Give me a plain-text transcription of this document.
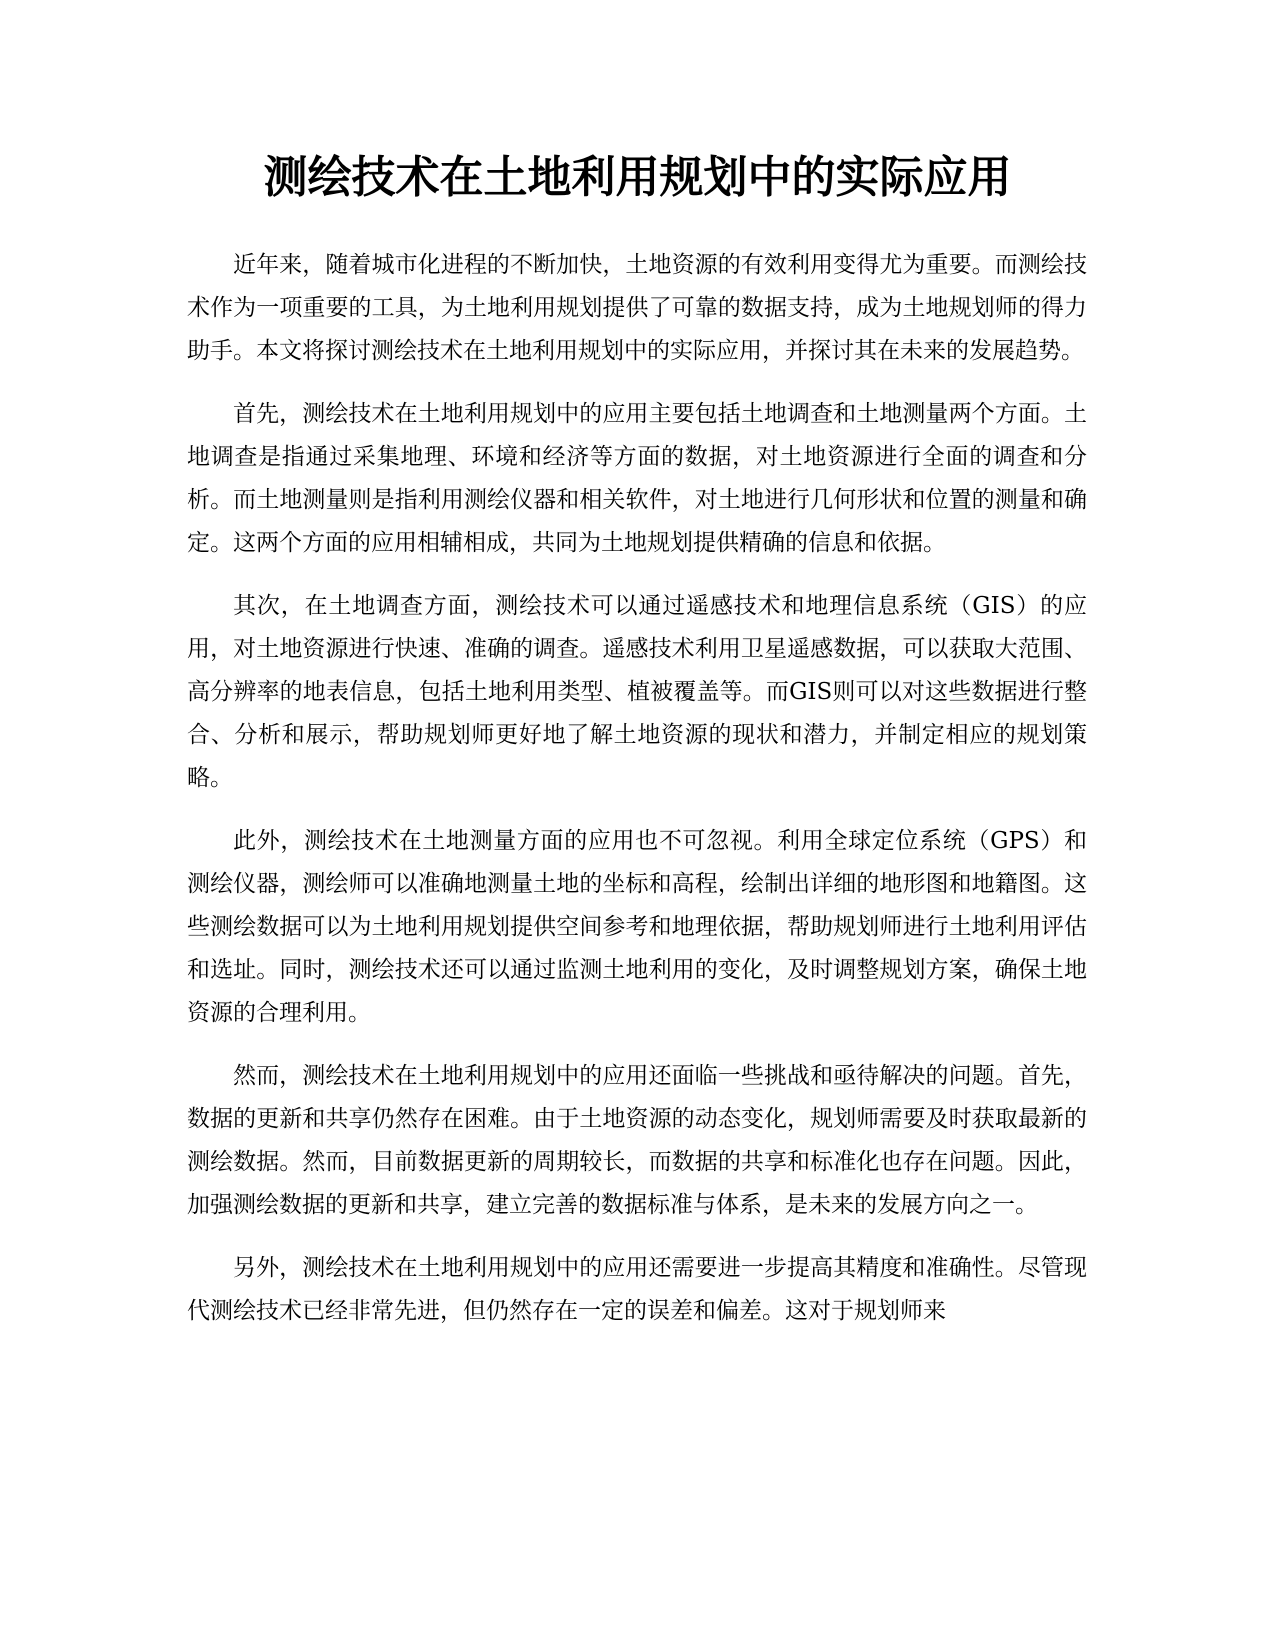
测绘技术在土地利用规划中的实际应用

近年来，随着城市化进程的不断加快，土地资源的有效利用变得尤为重要。而测绘技术作为一项重要的工具，为土地利用规划提供了可靠的数据支持，成为土地规划师的得力助手。本文将探讨测绘技术在土地利用规划中的实际应用，并探讨其在未来的发展趋势。

首先，测绘技术在土地利用规划中的应用主要包括土地调查和土地测量两个方面。土地调查是指通过采集地理、环境和经济等方面的数据，对土地资源进行全面的调查和分析。而土地测量则是指利用测绘仪器和相关软件，对土地进行几何形状和位置的测量和确定。这两个方面的应用相辅相成，共同为土地规划提供精确的信息和依据。

其次，在土地调查方面，测绘技术可以通过遥感技术和地理信息系统（GIS）的应用，对土地资源进行快速、准确的调查。遥感技术利用卫星遥感数据，可以获取大范围、高分辨率的地表信息，包括土地利用类型、植被覆盖等。而GIS则可以对这些数据进行整合、分析和展示，帮助规划师更好地了解土地资源的现状和潜力，并制定相应的规划策略。

此外，测绘技术在土地测量方面的应用也不可忽视。利用全球定位系统（GPS）和测绘仪器，测绘师可以准确地测量土地的坐标和高程，绘制出详细的地形图和地籍图。这些测绘数据可以为土地利用规划提供空间参考和地理依据，帮助规划师进行土地利用评估和选址。同时，测绘技术还可以通过监测土地利用的变化，及时调整规划方案，确保土地资源的合理利用。

然而，测绘技术在土地利用规划中的应用还面临一些挑战和亟待解决的问题。首先，数据的更新和共享仍然存在困难。由于土地资源的动态变化，规划师需要及时获取最新的测绘数据。然而，目前数据更新的周期较长，而数据的共享和标准化也存在问题。因此，加强测绘数据的更新和共享，建立完善的数据标准与体系，是未来的发展方向之一。

另外，测绘技术在土地利用规划中的应用还需要进一步提高其精度和准确性。尽管现代测绘技术已经非常先进，但仍然存在一定的误差和偏差。这对于规划师来
